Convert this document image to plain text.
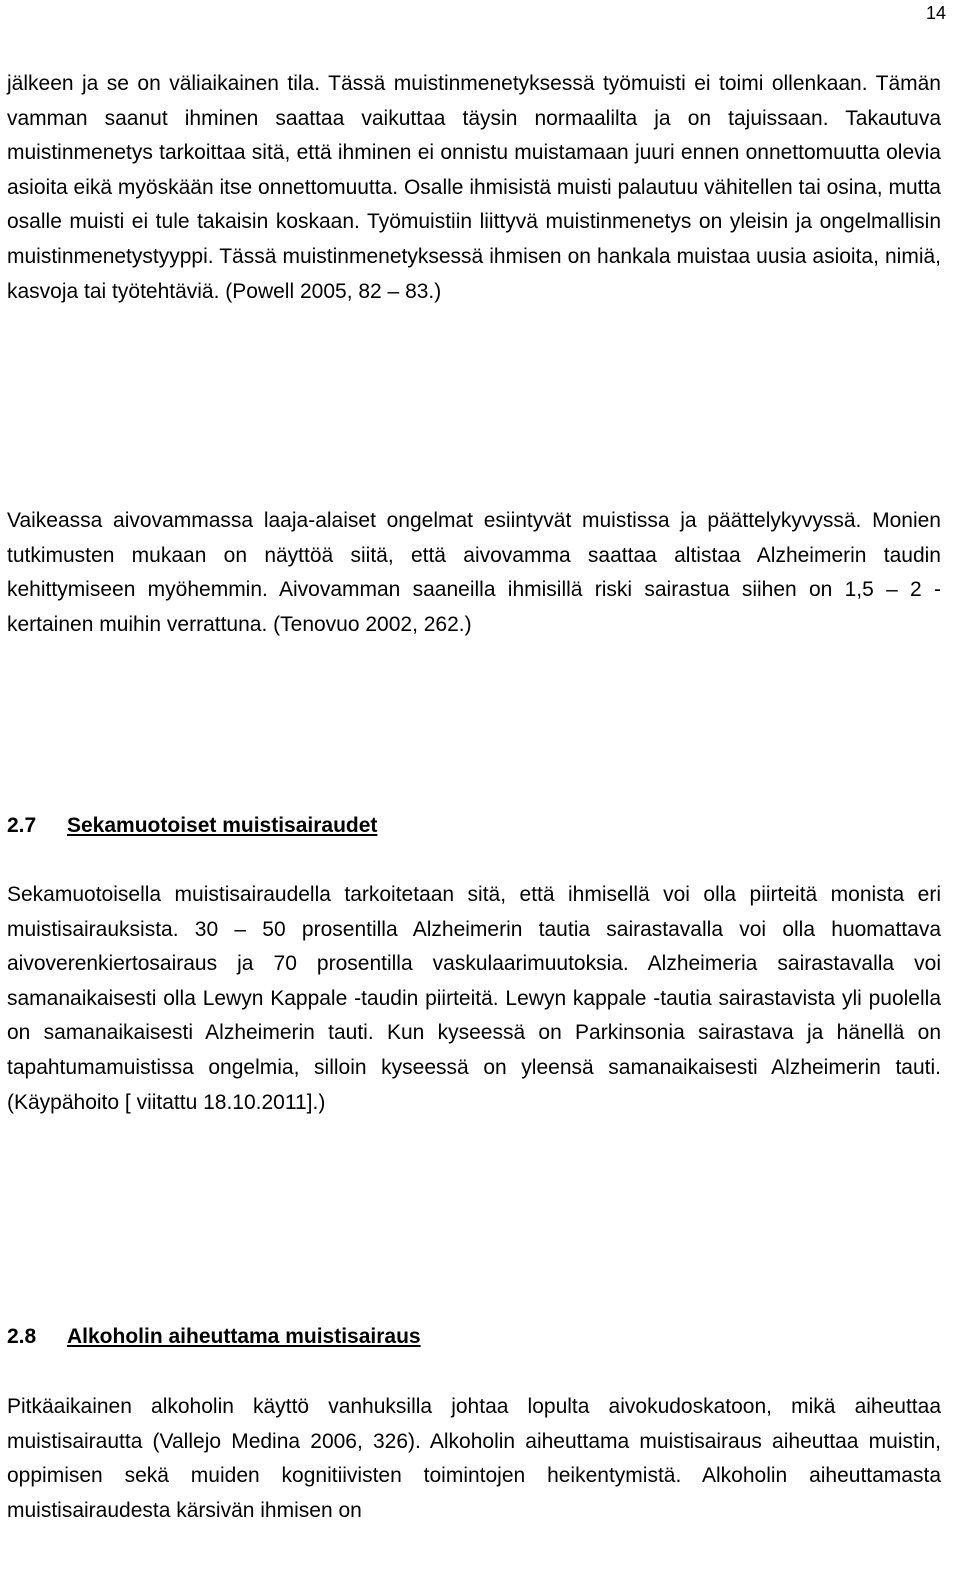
14

jälkeen ja se on väliaikainen tila. Tässä muistinmenetyksessä työmuisti ei toimi ollenkaan. Tämän vamman saanut ihminen saattaa vaikuttaa täysin normaalilta ja on tajuissaan. Takautuva muistinmenetys tarkoittaa sitä, että ihminen ei onnistu muistamaan juuri ennen onnettomuutta olevia asioita eikä myöskään itse onnettomuutta. Osalle ihmisistä muisti palautuu vähitellen tai osina, mutta osalle muisti ei tule takaisin koskaan. Työmuistiin liittyvä muistinmenetys on yleisin ja ongelmallisin muistinmenetystyyppi. Tässä muistinmenetyksessä ihmisen on hankala muistaa uusia asioita, nimiä, kasvoja tai työtehtäviä. (Powell 2005, 82 – 83.)

Vaikeassa aivovammassa laaja-alaiset ongelmat esiintyvät muistissa ja päättelykyvyssä. Monien tutkimusten mukaan on näyttöä siitä, että aivovamma saattaa altistaa Alzheimerin taudin kehittymiseen myöhemmin. Aivovamman saaneilla ihmisillä riski sairastua siihen on 1,5 – 2 -kertainen muihin verrattuna. (Tenovuo 2002, 262.)

2.7 Sekamuotoiset muistisairaudet

Sekamuotoisella muistisairaudella tarkoitetaan sitä, että ihmisellä voi olla piirteitä monista eri muistisairauksista. 30 – 50 prosentilla Alzheimerin tautia sairastavalla voi olla huomattava aivoverenkiertosairaus ja 70 prosentilla vaskulaarimuutoksia. Alzheimeria sairastavalla voi samanaikaisesti olla Lewyn Kappale -taudin piirteitä. Lewyn kappale -tautia sairastavista yli puolella on samanaikaisesti Alzheimerin tauti. Kun kyseessä on Parkinsonia sairastava ja hänellä on tapahtumamuistissa ongelmia, silloin kyseessä on yleensä samanaikaisesti Alzheimerin tauti. (Käypähoito [ viitattu 18.10.2011].)

2.8 Alkoholin aiheuttama muistisairaus

Pitkäaikainen alkoholin käyttö vanhuksilla johtaa lopulta aivokudoskatoon, mikä aiheuttaa muistisairautta (Vallejo Medina 2006, 326). Alkoholin aiheuttama muistisairaus aiheuttaa muistin, oppimisen sekä muiden kognitiivisten toimintojen heikentymistä. Alkoholin aiheuttamasta muistisairaudesta kärsivän ihmisen on
